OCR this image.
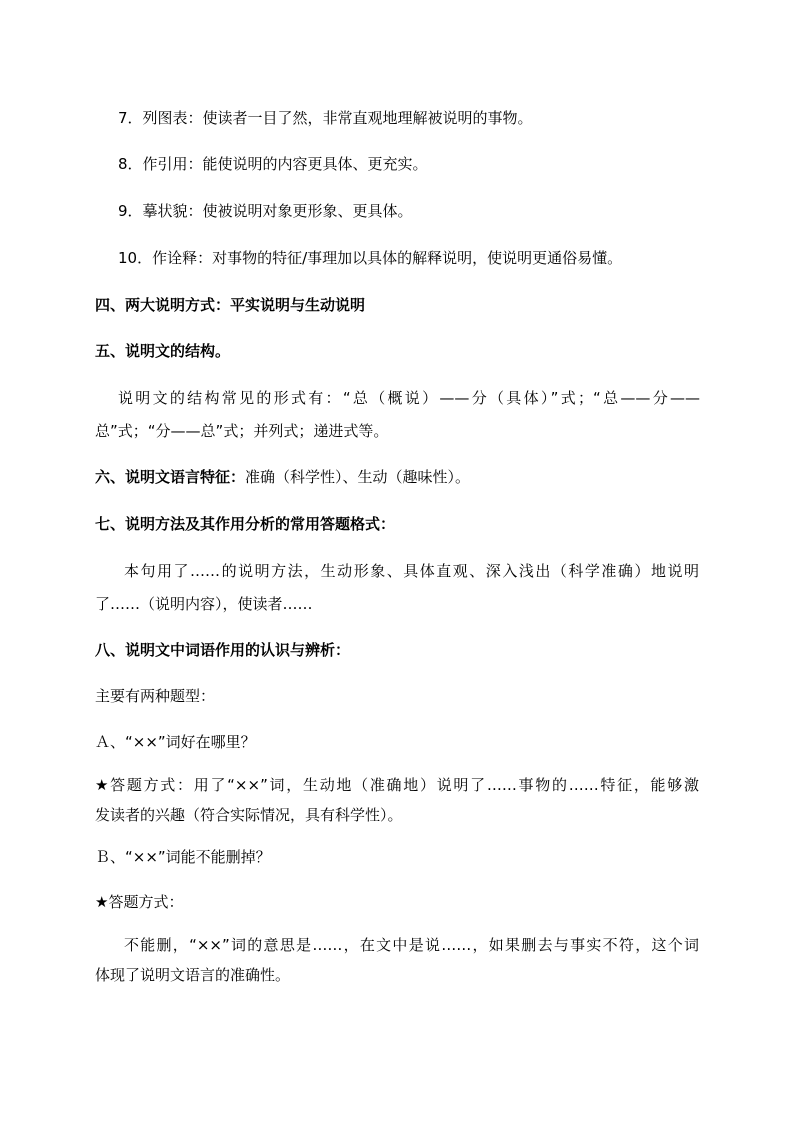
7．列图表：使读者一目了然，非常直观地理解被说明的事物。
8．作引用：能使说明的内容更具体、更充实。
9．摹状貌：使被说明对象更形象、更具体。
10．作诠释：对事物的特征/事理加以具体的解释说明，使说明更通俗易懂。
四、两大说明方式：平实说明与生动说明
五、说明文的结构。
说明文的结构常见的形式有：“总（概说）——分（具体）”式；“总——分——
总”式；“分——总”式；并列式；递进式等。
六、说明文语言特征：准确（科学性）、生动（趣味性）。
七、说明方法及其作用分析的常用答题格式：
本句用了……的说明方法，生动形象、具体直观、深入浅出（科学准确）地说明
了……（说明内容），使读者……
八、说明文中词语作用的认识与辨析：
主要有两种题型：
Ａ、“××”词好在哪里？
★答题方式：用了“××”词，生动地（准确地）说明了……事物的……特征，能够激
发读者的兴趣（符合实际情况，具有科学性）。
Ｂ、“××”词能不能删掉？
★答题方式：
不能删，“××”词的意思是……，在文中是说……，如果删去与事实不符，这个词
体现了说明文语言的准确性。
